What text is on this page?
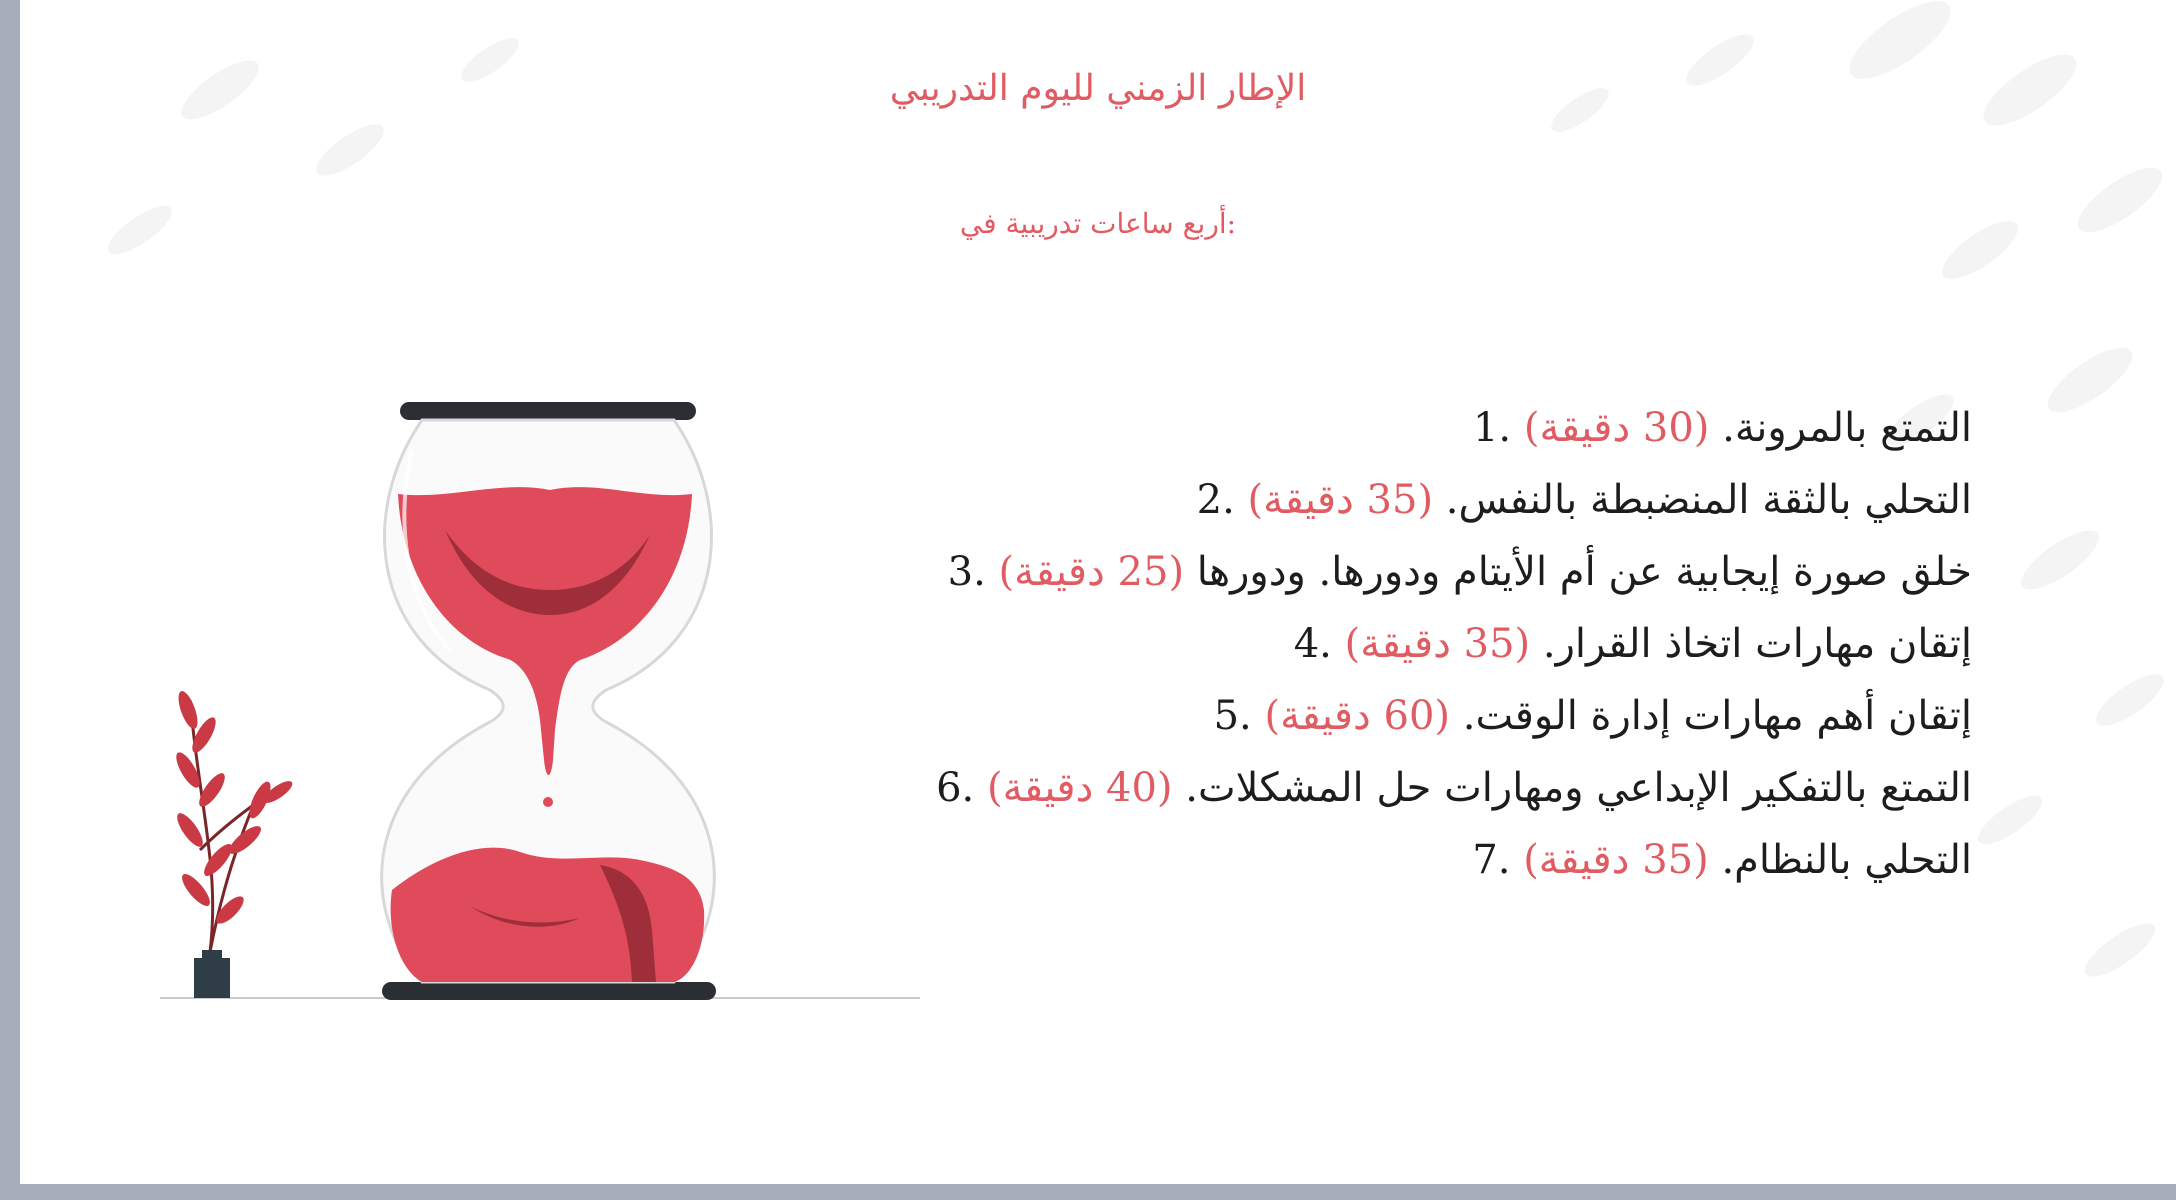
الإطار الزمني لليوم التدريبي
:أربع ساعات تدريبية في
التمتع بالمرونة. (30 دقيقة) .1
التحلي بالثقة المنضبطة بالنفس. (35 دقيقة) .2
خلق صورة إيجابية عن أم الأيتام ودورها. ودورها (25 دقيقة) .3
إتقان مهارات اتخاذ القرار. (35 دقيقة) .4
إتقان أهم مهارات إدارة الوقت. (60 دقيقة) .5
التمتع بالتفكير الإبداعي ومهارات حل المشكلات. (40 دقيقة) .6
التحلي بالنظام. (35 دقيقة) .7
